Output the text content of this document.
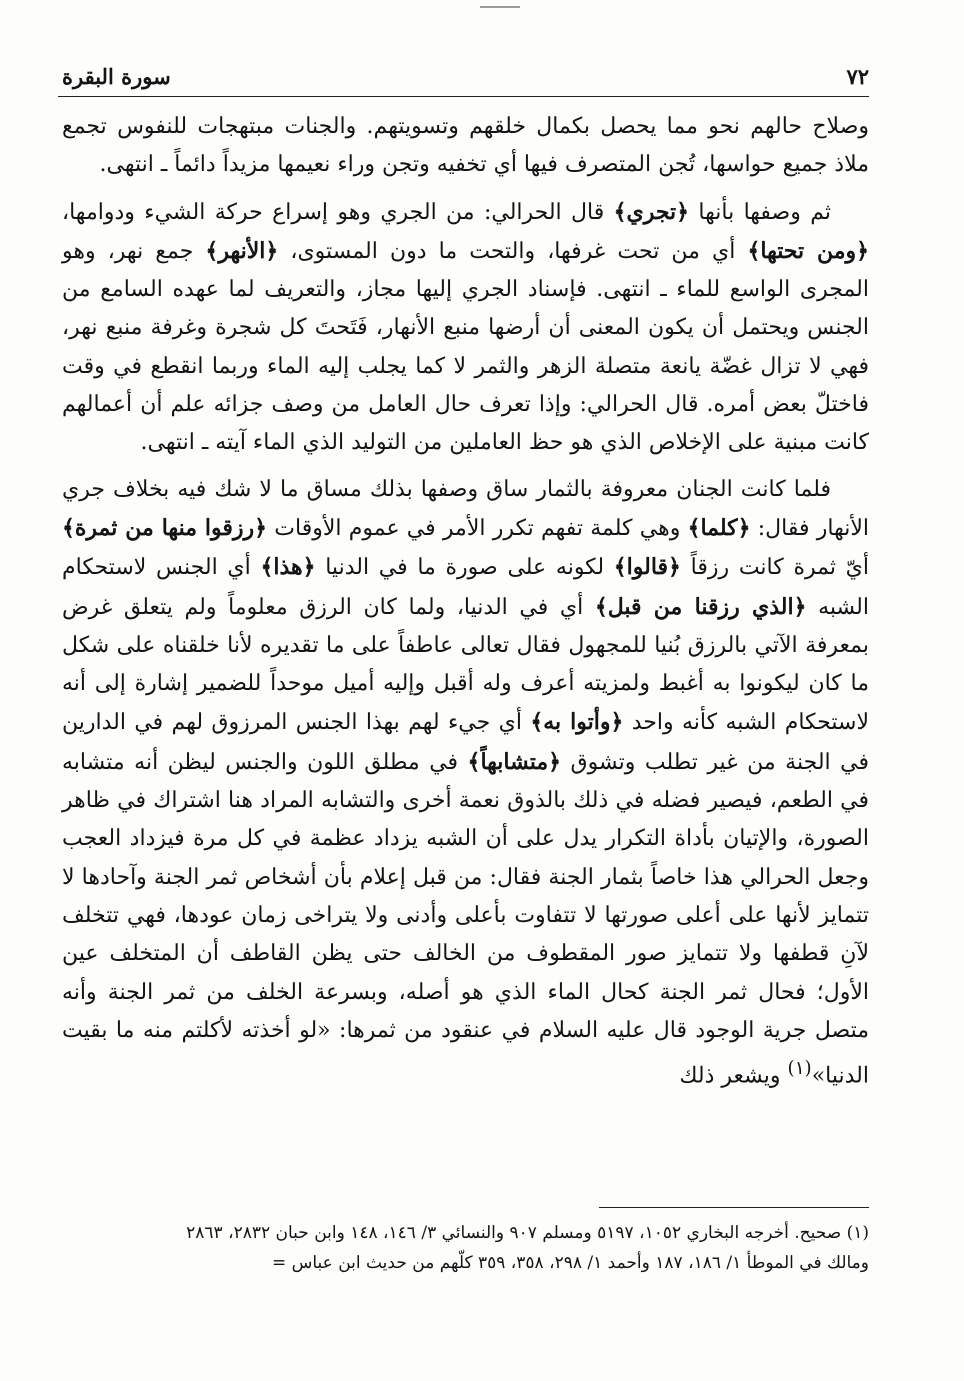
٧٢
سورة البقرة

وصلاح حالهم نحو مما يحصل بكمال خلقهم وتسويتهم. والجنات مبتهجات للنفوس تجمع ملاذ جميع حواسها، تُجن المتصرف فيها أي تخفيه وتجن وراء نعيمها مزيداً دائماً ـ انتهى.

ثم وصفها بأنها ﴿تجري﴾ قال الحرالي: من الجري وهو إسراع حركة الشيء ودوامها، ﴿ومن تحتها﴾ أي من تحت غرفها، والتحت ما دون المستوى، ﴿الأنهر﴾ جمع نهر، وهو المجرى الواسع للماء ـ انتهى. فإسناد الجري إليها مجاز، والتعريف لما عهده السامع من الجنس ويحتمل أن يكون المعنى أن أرضها منبع الأنهار، فَتَحتَ كل شجرة وغرفة منبع نهر، فهي لا تزال غضّة يانعة متصلة الزهر والثمر لا كما يجلب إليه الماء وربما انقطع في وقت فاختلّ بعض أمره. قال الحرالي: وإذا تعرف حال العامل من وصف جزائه علم أن أعمالهم كانت مبنية على الإخلاص الذي هو حظ العاملين من التوليد الذي الماء آيته ـ انتهى.

فلما كانت الجنان معروفة بالثمار ساق وصفها بذلك مساق ما لا شك فيه بخلاف جري الأنهار فقال: ﴿كلما﴾ وهي كلمة تفهم تكرر الأمر في عموم الأوقات ﴿رزقوا منها من ثمرة﴾ أيّ ثمرة كانت رزقاً ﴿قالوا﴾ لكونه على صورة ما في الدنيا ﴿هذا﴾ أي الجنس لاستحكام الشبه ﴿الذي رزقنا من قبل﴾ أي في الدنيا، ولما كان الرزق معلوماً ولم يتعلق غرض بمعرفة الآتي بالرزق بُنيا للمجهول فقال تعالى عاطفاً على ما تقديره لأنا خلقناه على شكل ما كان ليكونوا به أغبط ولمزيته أعرف وله أقبل وإليه أميل موحداً للضمير إشارة إلى أنه لاستحكام الشبه كأنه واحد ﴿وأتوا به﴾ أي جيء لهم بهذا الجنس المرزوق لهم في الدارين في الجنة من غير تطلب وتشوق ﴿متشابهاً﴾ في مطلق اللون والجنس ليظن أنه متشابه في الطعم، فيصير فضله في ذلك بالذوق نعمة أخرى والتشابه المراد هنا اشتراك في ظاهر الصورة، والإتيان بأداة التكرار يدل على أن الشبه يزداد عظمة في كل مرة فيزداد العجب وجعل الحرالي هذا خاصاً بثمار الجنة فقال: من قبل إعلام بأن أشخاص ثمر الجنة وآحادها لا تتمايز لأنها على أعلى صورتها لا تتفاوت بأعلى وأدنى ولا يتراخى زمان عودها، فهي تتخلف لآنِ قطفها ولا تتمايز صور المقطوف من الخالف حتى يظن القاطف أن المتخلف عين الأول؛ فحال ثمر الجنة كحال الماء الذي هو أصله، وبسرعة الخلف من ثمر الجنة وأنه متصل جرية الوجود قال عليه السلام في عنقود من ثمرها: «لو أخذته لأكلتم منه ما بقيت الدنيا»$^{(١)}$ ويشعر ذلك

(١) صحيح. أخرجه البخاري ١٠٥٢، ٥١٩٧ ومسلم ٩٠٧ والنسائي ٣/ ١٤٦، ١٤٨ وابن حبان ٢٨٣٢، ٢٨٦٣

ومالك في الموطأ ١/ ١٨٦، ١٨٧ وأحمد ١/ ٢٩٨، ٣٥٨، ٣٥٩ كلّهم من حديث ابن عباس =
